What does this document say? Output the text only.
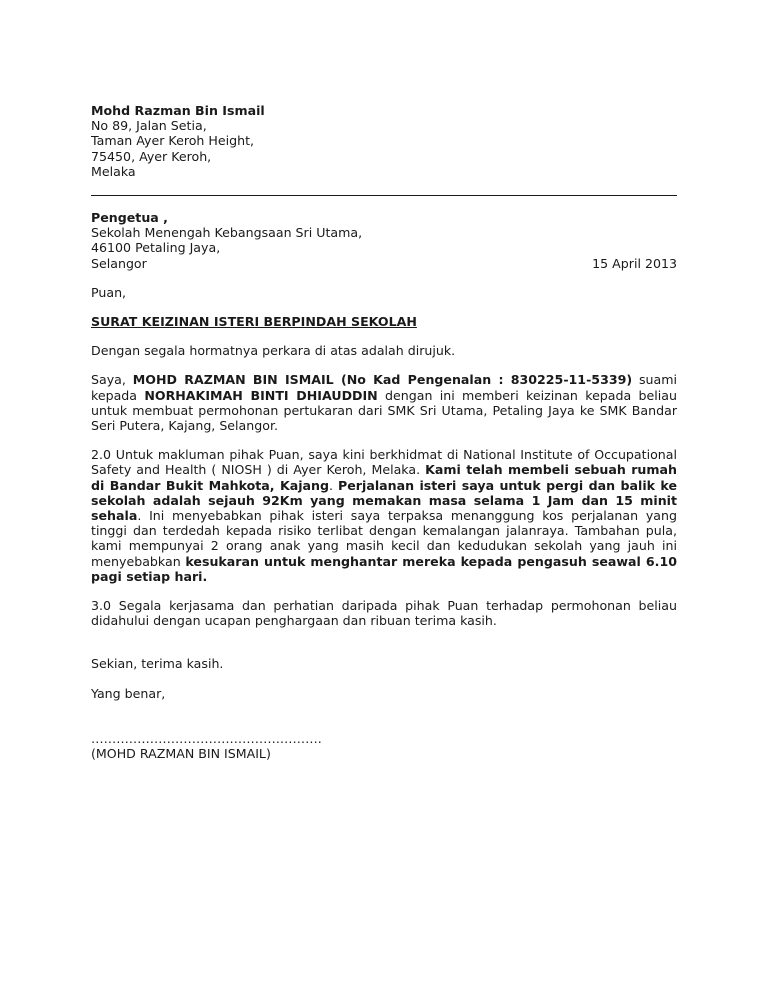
Mohd Razman Bin Ismail
No 89, Jalan Setia,
Taman Ayer Keroh Height,
75450, Ayer Keroh,
Melaka
Pengetua ,
Sekolah Menengah Kebangsaan Sri Utama,
46100 Petaling Jaya,
Selangor	15 April 2013
Puan,
SURAT KEIZINAN ISTERI BERPINDAH SEKOLAH
Dengan segala hormatnya perkara di atas adalah dirujuk.
Saya, MOHD RAZMAN BIN ISMAIL (No Kad Pengenalan : 830225-11-5339) suami kepada NORHAKIMAH BINTI DHIAUDDIN dengan ini memberi keizinan kepada beliau untuk membuat permohonan pertukaran dari SMK Sri Utama, Petaling Jaya ke SMK Bandar Seri Putera, Kajang, Selangor.
2.0 Untuk makluman pihak Puan, saya kini berkhidmat di National Institute of Occupational Safety and Health ( NIOSH ) di Ayer Keroh, Melaka. Kami telah membeli sebuah rumah di Bandar Bukit Mahkota, Kajang. Perjalanan isteri saya untuk pergi dan balik ke sekolah adalah sejauh 92Km yang memakan masa selama 1 Jam dan 15 minit sehala. Ini menyebabkan pihak isteri saya terpaksa menanggung kos perjalanan yang tinggi dan terdedah kepada risiko terlibat dengan kemalangan jalanraya. Tambahan pula, kami mempunyai 2 orang anak yang masih kecil dan kedudukan sekolah yang jauh ini menyebabkan kesukaran untuk menghantar mereka kepada pengasuh seawal 6.10 pagi setiap hari.
3.0 Segala kerjasama dan perhatian daripada pihak Puan terhadap permohonan beliau didahului dengan ucapan penghargaan dan ribuan terima kasih.
Sekian, terima kasih.
Yang benar,
……………………………………………….
(MOHD RAZMAN BIN ISMAIL)
